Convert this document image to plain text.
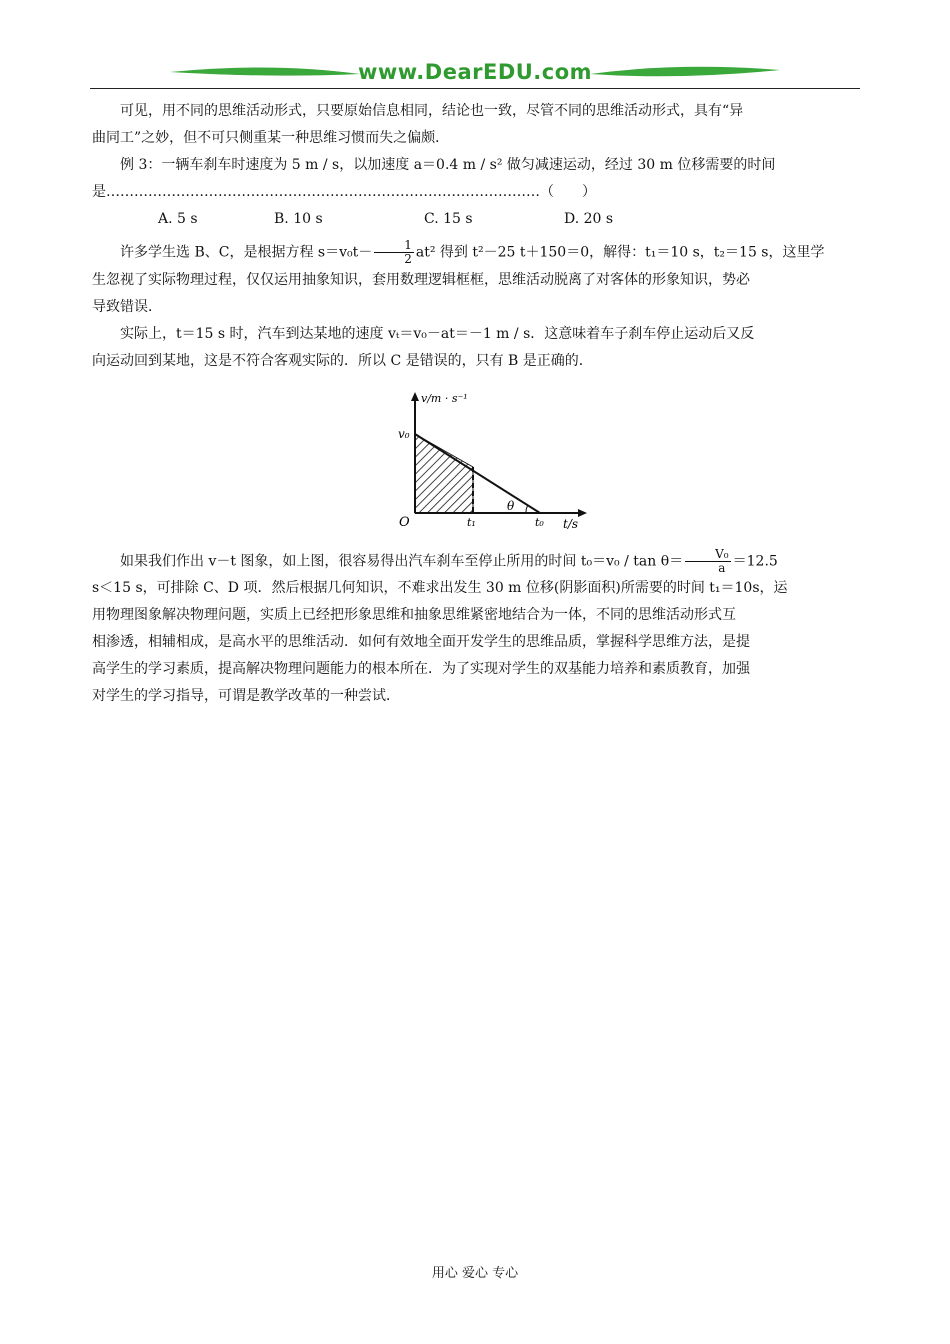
www.DearEDU.com

可见，用不同的思维活动形式，只要原始信息相同，结论也一致，尽管不同的思维活动形式，具有“异

曲同工”之妙，但不可只侧重某一种思维习惯而失之偏颇．

例 3：一辆车刹车时速度为 5 m / s，以加速度 a＝0.4 m / s² 做匀减速运动，经过 30 m 位移需要的时间

是…………………………………………………………………………………（　　）

A. 5 s	B. 10 s	C. 15 s	D. 20 s

许多学生选 B、C，是根据方程 $s=v_0t- \frac{1}{2} at^2$ 得到 t²－25 t＋150＝0，解得：t₁＝10 s，t₂＝15 s，这里学

生忽视了实际物理过程，仅仅运用抽象知识，套用数理逻辑框框，思维活动脱离了对客体的形象知识，势必

导致错误．

实际上，t＝15 s 时，汽车到达某地的速度 vₜ＝v₀－at＝－1 m / s．这意味着车子刹车停止运动后又反

向运动回到某地，这是不符合客观实际的．所以 C 是错误的，只有 B 是正确的．

如果我们作出 v－t 图象，如上图，很容易得出汽车刹车至停止所用的时间 $t_0=v_0 / \tan \theta= \frac{\text{V₀}}{a} =12.5$

s＜15 s，可排除 C、D 项．然后根据几何知识，不难求出发生 30 m 位移(阴影面积)所需要的时间 t₁＝10s，运

用物理图象解决物理问题，实质上已经把形象思维和抽象思维紧密地结合为一体，不同的思维活动形式互

相渗透，相辅相成，是高水平的思维活动．如何有效地全面开发学生的思维品质，掌握科学思维方法，是提

高学生的学习素质，提高解决物理问题能力的根本所在．为了实现对学生的双基能力培养和素质教育，加强

对学生的学习指导，可谓是教学改革的一种尝试．

v/m · s⁻¹
v₀
O	t₁	t₀
θ
t/s
用心 爱心 专心
